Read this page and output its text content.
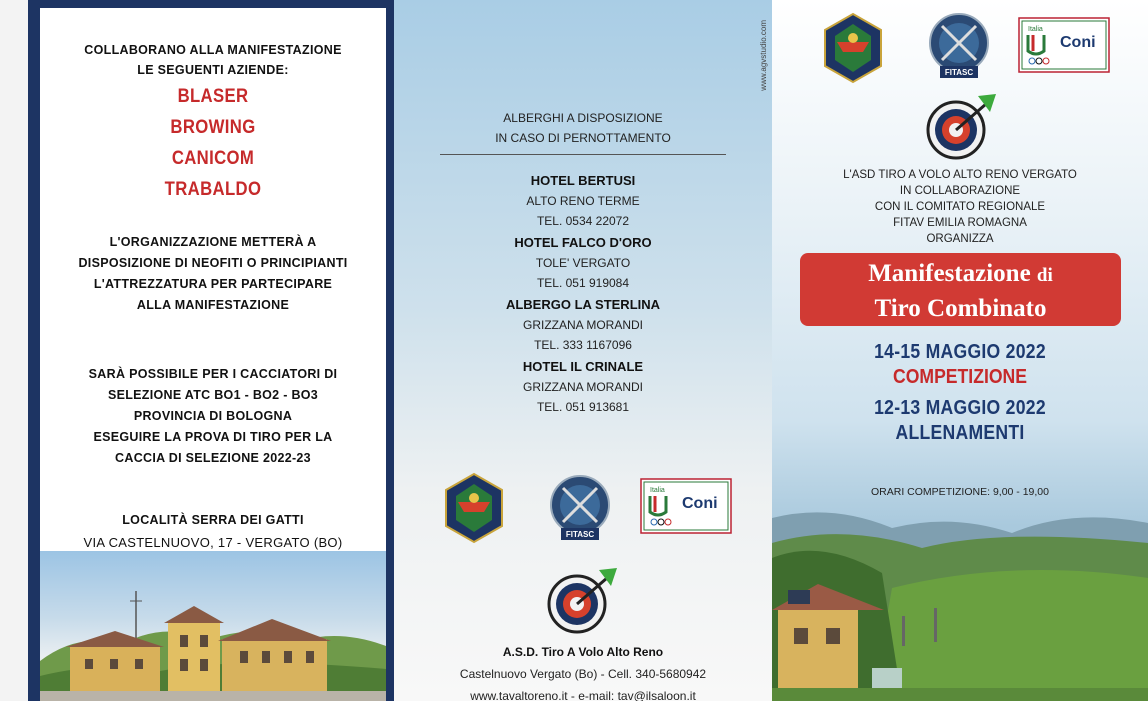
COLLABORANO ALLA MANIFESTAZIONE
LE SEGUENTI AZIENDE:
BLASER
BROWING
CANICOM
TRABALDO
L'ORGANIZZAZIONE METTERÀ A
DISPOSIZIONE DI NEOFITI O PRINCIPIANTI
L'ATTREZZATURA PER PARTECIPARE
ALLA MANIFESTAZIONE
SARÀ POSSIBILE PER I CACCIATORI DI
SELEZIONE ATC BO1 - BO2 - BO3
PROVINCIA DI BOLOGNA
ESEGUIRE LA PROVA DI TIRO PER LA
CACCIA DI SELEZIONE 2022-23
LOCALITÀ SERRA DEI GATTI
VIA CASTELNUOVO, 17 - VERGATO (BO)
www.agvstudio.com
ALBERGHI A DISPOSIZIONE
IN CASO DI PERNOTTAMENTO
HOTEL BERTUSI
ALTO RENO TERME
TEL. 0534 22072
HOTEL FALCO D'ORO
TOLE' VERGATO
TEL. 051 919084
ALBERGO LA STERLINA
GRIZZANA MORANDI
TEL. 333 1167096
HOTEL IL CRINALE
GRIZZANA MORANDI
TEL. 051 913681
FITASC
Italia
Coni
A.S.D. Tiro A Volo Alto Reno
Castelnuovo Vergato (Bo) - Cell. 340-5680942
www.tavaltoreno.it - e-mail: tav@ilsaloon.it
FITASC
Italia
Coni
L'ASD TIRO A VOLO ALTO RENO VERGATO
IN COLLABORAZIONE
CON IL COMITATO REGIONALE
FITAV EMILIA ROMAGNA
ORGANIZZA
Manifestazione di
Tiro Combinato
14-15 MAGGIO 2022
COMPETIZIONE
12-13 MAGGIO 2022
ALLENAMENTI
ORARI COMPETIZIONE: 9,00 - 19,00
